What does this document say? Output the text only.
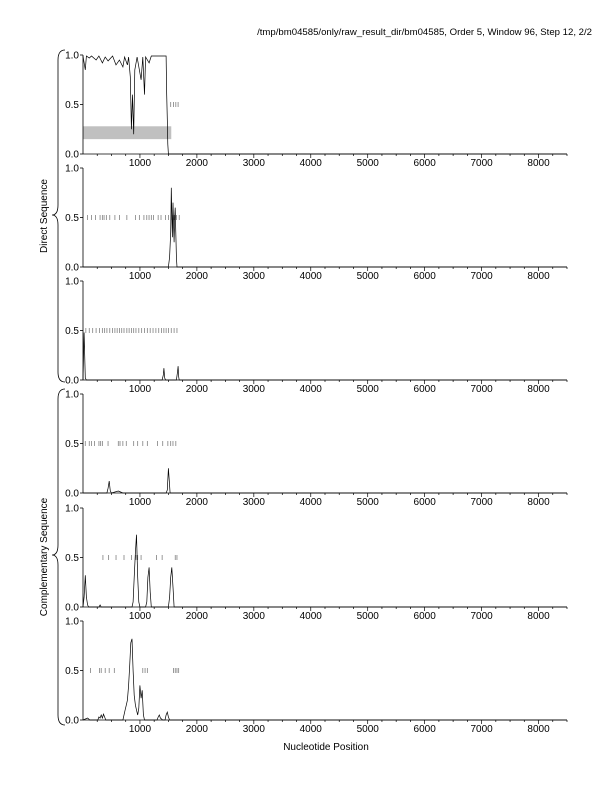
/tmp/bm04585/only/raw_result_dir/bm04585, Order 5, Window 96, Step 12, 2/2
0.0
0.5
1.0
1000	2000	3000	4000	5000	6000	7000	8000
0.0
0.5
1.0
1000	2000	3000	4000	5000	6000	7000	8000
0.0
0.5
1.0
1000	2000	3000	4000	5000	6000	7000	8000
0.0
0.5
1.0
1000	2000	3000	4000	5000	6000	7000	8000
0.0
0.5
1.0
1000	2000	3000	4000	5000	6000	7000	8000
0.0
0.5
1.0
1000	2000	3000	4000	5000	6000	7000	8000
Direct Sequence
Complementary Sequence
Nucleotide Position
